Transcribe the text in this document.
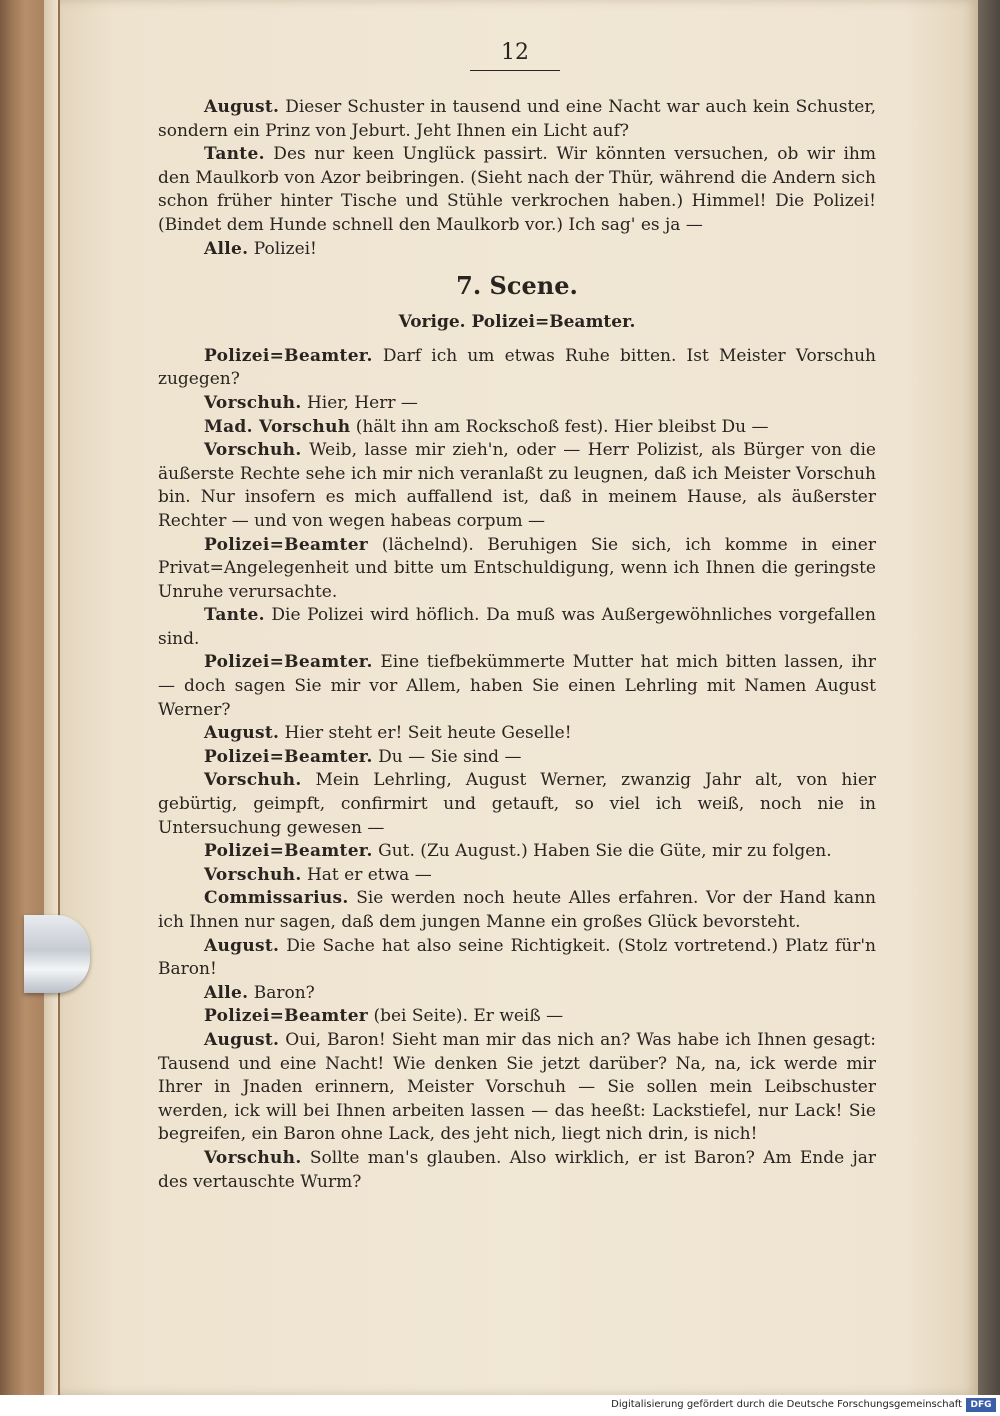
12

August. Dieser Schuster in tausend und eine Nacht war auch kein Schuster, sondern ein Prinz von Jeburt. Jeht Ihnen ein Licht auf?

Tante. Des nur keen Unglück passirt. Wir könnten versuchen, ob wir ihm den Maulkorb von Azor beibringen. (Sieht nach der Thür, während die Andern sich schon früher hinter Tische und Stühle verkrochen haben.) Himmel! Die Polizei! (Bindet dem Hunde schnell den Maulkorb vor.) Ich sag' es ja —

Alle. Polizei!

7. Scene.
Vorige. Polizei=Beamter.

Polizei=Beamter. Darf ich um etwas Ruhe bitten. Ist Meister Vorschuh zugegen?

Vorschuh. Hier, Herr —

Mad. Vorschuh (hält ihn am Rockschoß fest). Hier bleibst Du —

Vorschuh. Weib, lasse mir zieh'n, oder — Herr Polizist, als Bürger von die äußerste Rechte sehe ich mir nich veranlaßt zu leugnen, daß ich Meister Vorschuh bin. Nur insofern es mich auffallend ist, daß in meinem Hause, als äußerster Rechter — und von wegen habeas corpum —

Polizei=Beamter (lächelnd). Beruhigen Sie sich, ich komme in einer Privat=Angelegenheit und bitte um Entschuldigung, wenn ich Ihnen die geringste Unruhe verursachte.

Tante. Die Polizei wird höflich. Da muß was Außergewöhnliches vorgefallen sind.

Polizei=Beamter. Eine tiefbekümmerte Mutter hat mich bitten lassen, ihr — doch sagen Sie mir vor Allem, haben Sie einen Lehrling mit Namen August Werner?

August. Hier steht er! Seit heute Geselle!

Polizei=Beamter. Du — Sie sind —

Vorschuh. Mein Lehrling, August Werner, zwanzig Jahr alt, von hier gebürtig, geimpft, confirmirt und getauft, so viel ich weiß, noch nie in Untersuchung gewesen —

Polizei=Beamter. Gut. (Zu August.) Haben Sie die Güte, mir zu folgen.

Vorschuh. Hat er etwa —

Commissarius. Sie werden noch heute Alles erfahren. Vor der Hand kann ich Ihnen nur sagen, daß dem jungen Manne ein großes Glück bevorsteht.

August. Die Sache hat also seine Richtigkeit. (Stolz vortretend.) Platz für'n Baron!

Alle. Baron?

Polizei=Beamter (bei Seite). Er weiß —

August. Oui, Baron! Sieht man mir das nich an? Was habe ich Ihnen gesagt: Tausend und eine Nacht! Wie denken Sie jetzt darüber? Na, na, ick werde mir Ihrer in Jnaden erinnern, Meister Vorschuh — Sie sollen mein Leibschuster werden, ick will bei Ihnen arbeiten lassen — das heeßt: Lackstiefel, nur Lack! Sie begreifen, ein Baron ohne Lack, des jeht nich, liegt nich drin, is nich!

Vorschuh. Sollte man's glauben. Also wirklich, er ist Baron? Am Ende jar des vertauschte Wurm?

Digitalisierung gefördert durch die Deutsche Forschungsgemeinschaft DFG
